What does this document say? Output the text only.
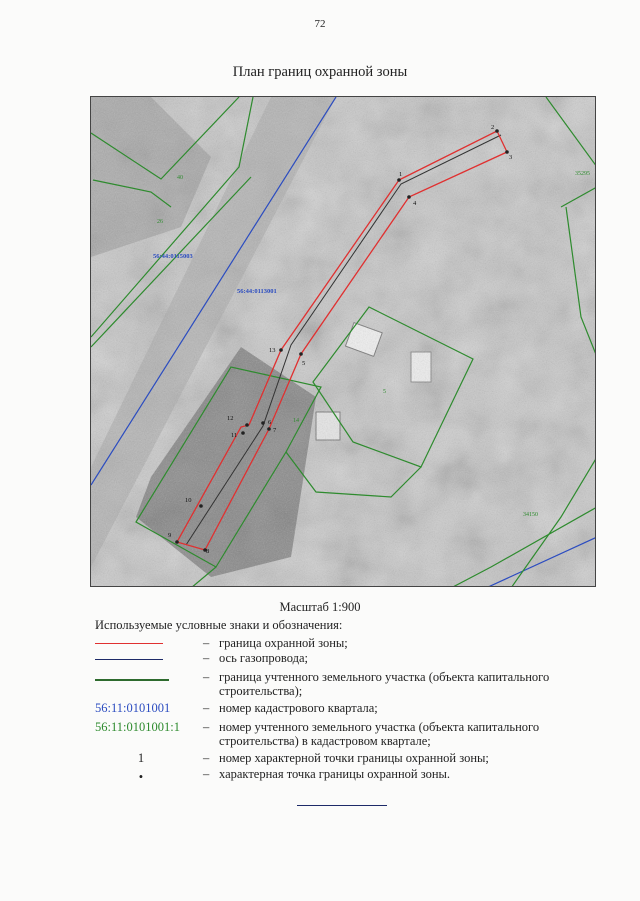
72
План границ охранной зоны
1
2
3
4
5
6
7
8
9
10
11
12
13
56:44:0115003
56:44:0113001
40
26
5
14
35295
34150
Масштаб 1:900
Используемые условные знаки и обозначения:
– граница охранной зоны;
– ось газопровода;
– граница учтенного земельного участка (объекта капитального строительства);
56:11:0101001	– номер кадастрового квартала;
56:11:0101001:1	– номер учтенного земельного участка (объекта капитального строительства) в кадастровом квартале;
1	– номер характерной точки границы охранной зоны;
•	– характерная точка границы охранной зоны.
